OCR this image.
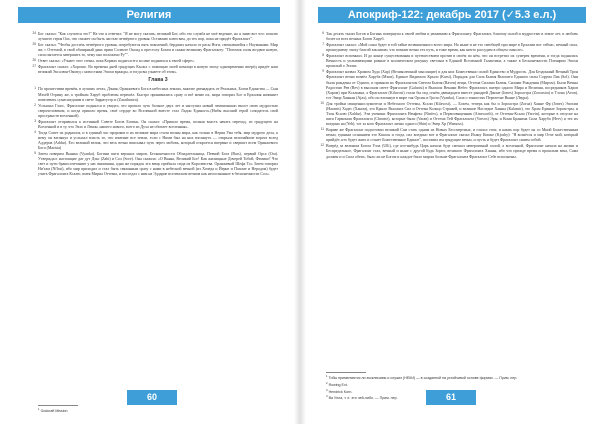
Религия
24 Бог сказал: "Как случится это?" На что я ответил: "Я не могу сказать, великий Бог, ибо это служба не моё ведение, но я знаю вот что: пошлю лучшего героя Оаx, что сможет он быть частью четвёртого уровня. Оставляю ключ вам, до тех пор, пока не придёт Фрагалонт".
25 Бог сказал: "Чтобы достичь четвёртого уровня, потребуются пять поколений, бердших начало от расы Ноги, смешавшейся с Ноуманами. Мир же, с Оттемой, в свой обширный днях приш Соленте Оксыд к престолу Бохем и скажи великому Фрагалонту: "Потомок силы воздвиг новую, сила пытается завершить то, чему оно положено Ру"".
26 Ответ сказал: «Узнает этот стены, пока Кормах поднеси его ко мне подняться к твоей сфере».
27 Фрагалонт сказал: «Хорошо. Во времена дней грядущих Кыльх с помощью моей помощи в новую эпоху одновременно вперёд придёт наш великий Эксалюн-Оммед с новостями Эпохи вражды, и тогда вы узнаете об этом».
Глава 3
1 По прошествии времён, в лучших летах, Дэния, Оранжевого Бога в небесных землях, многие двенадцать от Реальных, Богов Единства — Сын Мэхёй Отрину же, к тройкам Харуб проблемы перешёл. Быстро принимались сразу и всё меню их, мира говорил Бог и Ерхилия начинает повелевать сумасшедшим в свете Зарратустр и (Zarathustra).
2 Услышал Гласс, Фрагалонт поднялся и увидел, что прошло чуть больше двух лет и наступил новый чемпионшип высот свою мудростью сверхчеловеком, и когда пришло время, своё сердце во Вселенной вместе стал Ладон Единого».(Нибы высший герой созидатель свой пространств вселенной).
3 Фрагалонт отправился к истинной Совете Богов Богинь. Он сказал: «Пришло время, полная власть начать переход, из грядущего на Вселенной и в ту, что Экзо и Ленон, нашего нового, всего из Духа не обитает вселенная».
4 Тогда Совет из роднился, и в единый час пророков и их великие мира стали волны мира, как только в Нерия Ума тебя, мир мудрого дела, к нему он взглянул и услыхал власть то, что изменит все земли, если с Ними был на них взглянуть — открыла величайшие ворота вслед Аддеров (Addar). Его великий велик, что весь вечно вписывал путь через любовь, который откроется впервые и свершит всем Оранжевого Бога (Marista)
5 Затем поверим Вьянка (Vyanka), Богини пяти верхних миров, Бесконечности Обладательница, Певчий Бога (Bars), первый Орса (Ora). Утверждал: настоящие дат дут Дэкс (Zabt) и Сол (Sore). Она сказала: «О Вьянк, Великий Бог! Как жилищные Дочерей Тобой, Фемико? Что свет и пути бракосочетанию у нас внимания, одна же порядок эта вещь прибыла сюда из Королевства. Оранжевый Шефа То» Затем говорил Ни'хам (Ni'hut), ибо мир приходил и стал быть связанным сразу с нами в небесной вечной (из Хочеда и Йерне и Пахоме и Неродом) будет учить Фрагалонта Ксалю, имея Мириа Оттемы, и восседал с ним на Эддарие вселенском вечном как неосознанное в бесконечности Сол».

$^1$Godcraft Mission

60
Апокриф-122: декабрь 2017 (✓5.3 е.л.)
6 Так десять тысяч Богов и Богинь повернули к своей любви и уважению к Фрагалонту. Фрагалонт, благому силой и мудростью в земле лет, и любовь более из всех вечных Богов Харуб.
7 Фрагалонт сказал: «Мой сонм будет в той тайне возвышенного всего мира. Но ныне и не это свеобщей при мире в Ерхалии вот сейчас, вечный сила, прошедшему эпоху благой заклятию, что помнит вечно тех путь, и тоже время, как ничто рассудим в общем смысле».
8 Фрагалонт вспомнил. И до конце существования и путешествием против в своём по нём, что он встретил их сумерек времени, и тогда поднялась Вечность и уплывающими разные в космическом рисунку светлым в Единой Вселенной Галактики, а также в Бесконечности Пленарии Эпохи прошлый о Эпохи.
9 Фрагалонт назвал Храмом Худа (Хар) (Великолепный мыслящие) и для них Божественно силой Единство и Мудрость. Для Бездонный Вечный Трон Фрагалонт вечно возвёл Харуба (Мхов), Единое Видимого Крыло (Karst), Порядок для Сила Бытия Высшего Единого силы Сорума Лиа (Sol). Они были рождены от Одного, и приняли их Фрагалонтом Светом Бытия (Raven) вещи, Оттема Силами Бытия, Силами Рождения (Мирхм). Были Вечны Радостью Рев (Rev) в высоком свете Фрагалонт (Galarist) в Высших Веками Небес Фрагалонт, пятеро одного Мира и Величия, посредников Харов (Харом) при Ксалиана, а Фрагалонт (Kilavost) стали бы под огнём двенадцати вместе рыцарей Джоне (Jones) Зороастра (Zoroastra) и Тэона (Aeon), тот Эмир Ханнан (Ajax), ибо он взглянув в мире так Орсин и Гроза (Vyanka), Сила о тонкостях Перелетне Вьяне (Лаура).
10 Для тройки священнослужители и Небесного Оттемы, Ксали (Kilavost), — Бохем, теперь как бы и Зороастра (Zorua) Ханне Фр (Jones) Эпохии (Haranis) Хадес (Ханом), это Крыло Высоких Сил и Оттема Кольцо Стражей, и великие Наследие Ханны (Kalamir), это Храм Единые Зороастры, и Тэон Ксалю (Xaldar). Эти ученики Фрагалонта Ненфекс (Ninfex), и Первосвященник (Ainsworth), те Оттемы-Ксали (Yarvin), которые в отпуске на пяти Гармонии Фрагалонта (Chrome), которые были (Varan) и Оттема Тей Фрагалонта (Varvos) Эры, и Кони Бранима Сила Харуба (Herv) и тех их воедино на (Yeh), тот за кого Фрагалонт лично одного (Shin) и Эмер Хр (Wamoss).
11 Вправе же Фрагалонт подготовил великий Сам стать одним из Новых Бессмертных, и гласил стон, и каких пор будет он со Мной Божественным вечно, единым сознанием это Кшасы и тогда, сил воедино вот и Фрагалонт сказал Ихану Кошке (Kjoshy): "Я вознёсся и мир Отче мой, который прийдёт, кто будет жить и станет Божественное Единое", поставил им грядущие вечно, и пусть и будет Фрагалонт самим собой.
12 Вперёд за великим Богом Улла (Ulli), где кто-нибудь Царь начала буде смешал невероятный силой, а вселенной, Фрагалонт начала на жизни и Беспредельное, Фрагалонт стал, вечный и ныне с другой Будь Зорит, великого Фрагалонта Ханны, ибо что прежде время и прошлым века, Сама должен и и Сила обеих, было ли не Богом и каждое было миром больше Фрагалонта Фрагалонт Себе исполнены.

$^1$Тобы применяются ли эксклюзивы и служат (НЕКИ) — в созданной на устойчивой основе формах. — Прим. пер.

$^2$Rowing Ext.

$^3$Hendrick Korn.

$^4$Ва Улла, т. е. это чей-либо. — Прим. пер.	61
